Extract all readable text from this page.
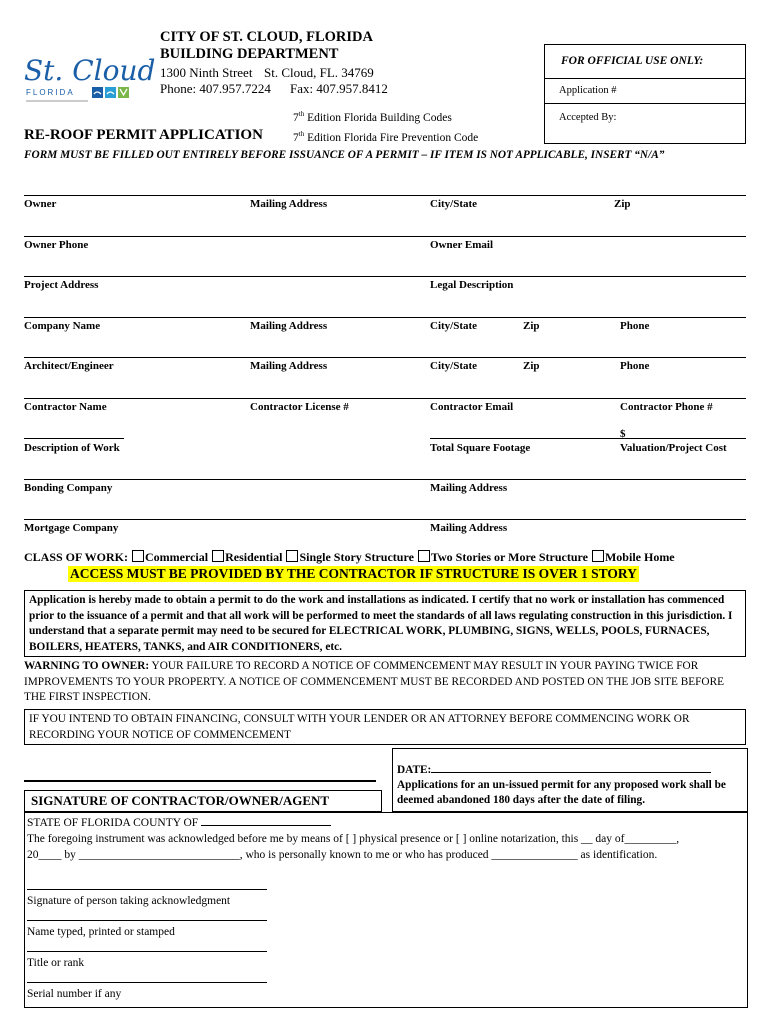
St. Cloud
FLORIDA
CITY OF ST. CLOUD, FLORIDA
BUILDING DEPARTMENT
1300 Ninth Street St. Cloud, FL. 34769
Phone: 407.957.7224 Fax: 407.957.8412
FOR OFFICIAL USE ONLY:
Application #
Accepted By:
7th Edition Florida Building Codes
7th Edition Florida Fire Prevention Code
RE-ROOF PERMIT APPLICATION
FORM MUST BE FILLED OUT ENTIRELY BEFORE ISSUANCE OF A PERMIT – IF ITEM IS NOT APPLICABLE, INSERT “N/A”
Owner	Mailing Address	City/State	Zip
Owner Phone	Owner Email
Project Address	Legal Description
Company Name	Mailing Address	City/State	Zip	Phone
Architect/Engineer	Mailing Address	City/State	Zip	Phone
Contractor Name	Contractor License #	Contractor Email	Contractor Phone #
$
Description of Work	Total Square Footage	Valuation/Project Cost
Bonding Company	Mailing Address
Mortgage Company	Mailing Address
CLASS OF WORK: Commercial Residential Single Story Structure Two Stories or More Structure Mobile Home
ACCESS MUST BE PROVIDED BY THE CONTRACTOR IF STRUCTURE IS OVER 1 STORY
Application is hereby made to obtain a permit to do the work and installations as indicated. I certify that no work or installation has commenced prior to the issuance of a permit and that all work will be performed to meet the standards of all laws regulating construction in this jurisdiction. I understand that a separate permit may need to be secured for ELECTRICAL WORK, PLUMBING, SIGNS, WELLS, POOLS, FURNACES, BOILERS, HEATERS, TANKS, and AIR CONDITIONERS, etc.
WARNING TO OWNER: YOUR FAILURE TO RECORD A NOTICE OF COMMENCEMENT MAY RESULT IN YOUR PAYING TWICE FOR IMPROVEMENTS TO YOUR PROPERTY. A NOTICE OF COMMENCEMENT MUST BE RECORDED AND POSTED ON THE JOB SITE BEFORE THE FIRST INSPECTION.
IF YOU INTEND TO OBTAIN FINANCING, CONSULT WITH YOUR LENDER OR AN ATTORNEY BEFORE COMMENCING WORK OR RECORDING YOUR NOTICE OF COMMENCEMENT
SIGNATURE OF CONTRACTOR/OWNER/AGENT
DATE:
Applications for an un-issued permit for any proposed work shall be deemed abandoned 180 days after the date of filing.
STATE OF FLORIDA COUNTY OF
The foregoing instrument was acknowledged before me by means of [ ] physical presence or [ ] online notarization, this __ day of_________,
20____ by ____________________________, who is personally known to me or who has produced _______________ as identification.
Signature of person taking acknowledgment
Name typed, printed or stamped
Title or rank
Serial number if any
